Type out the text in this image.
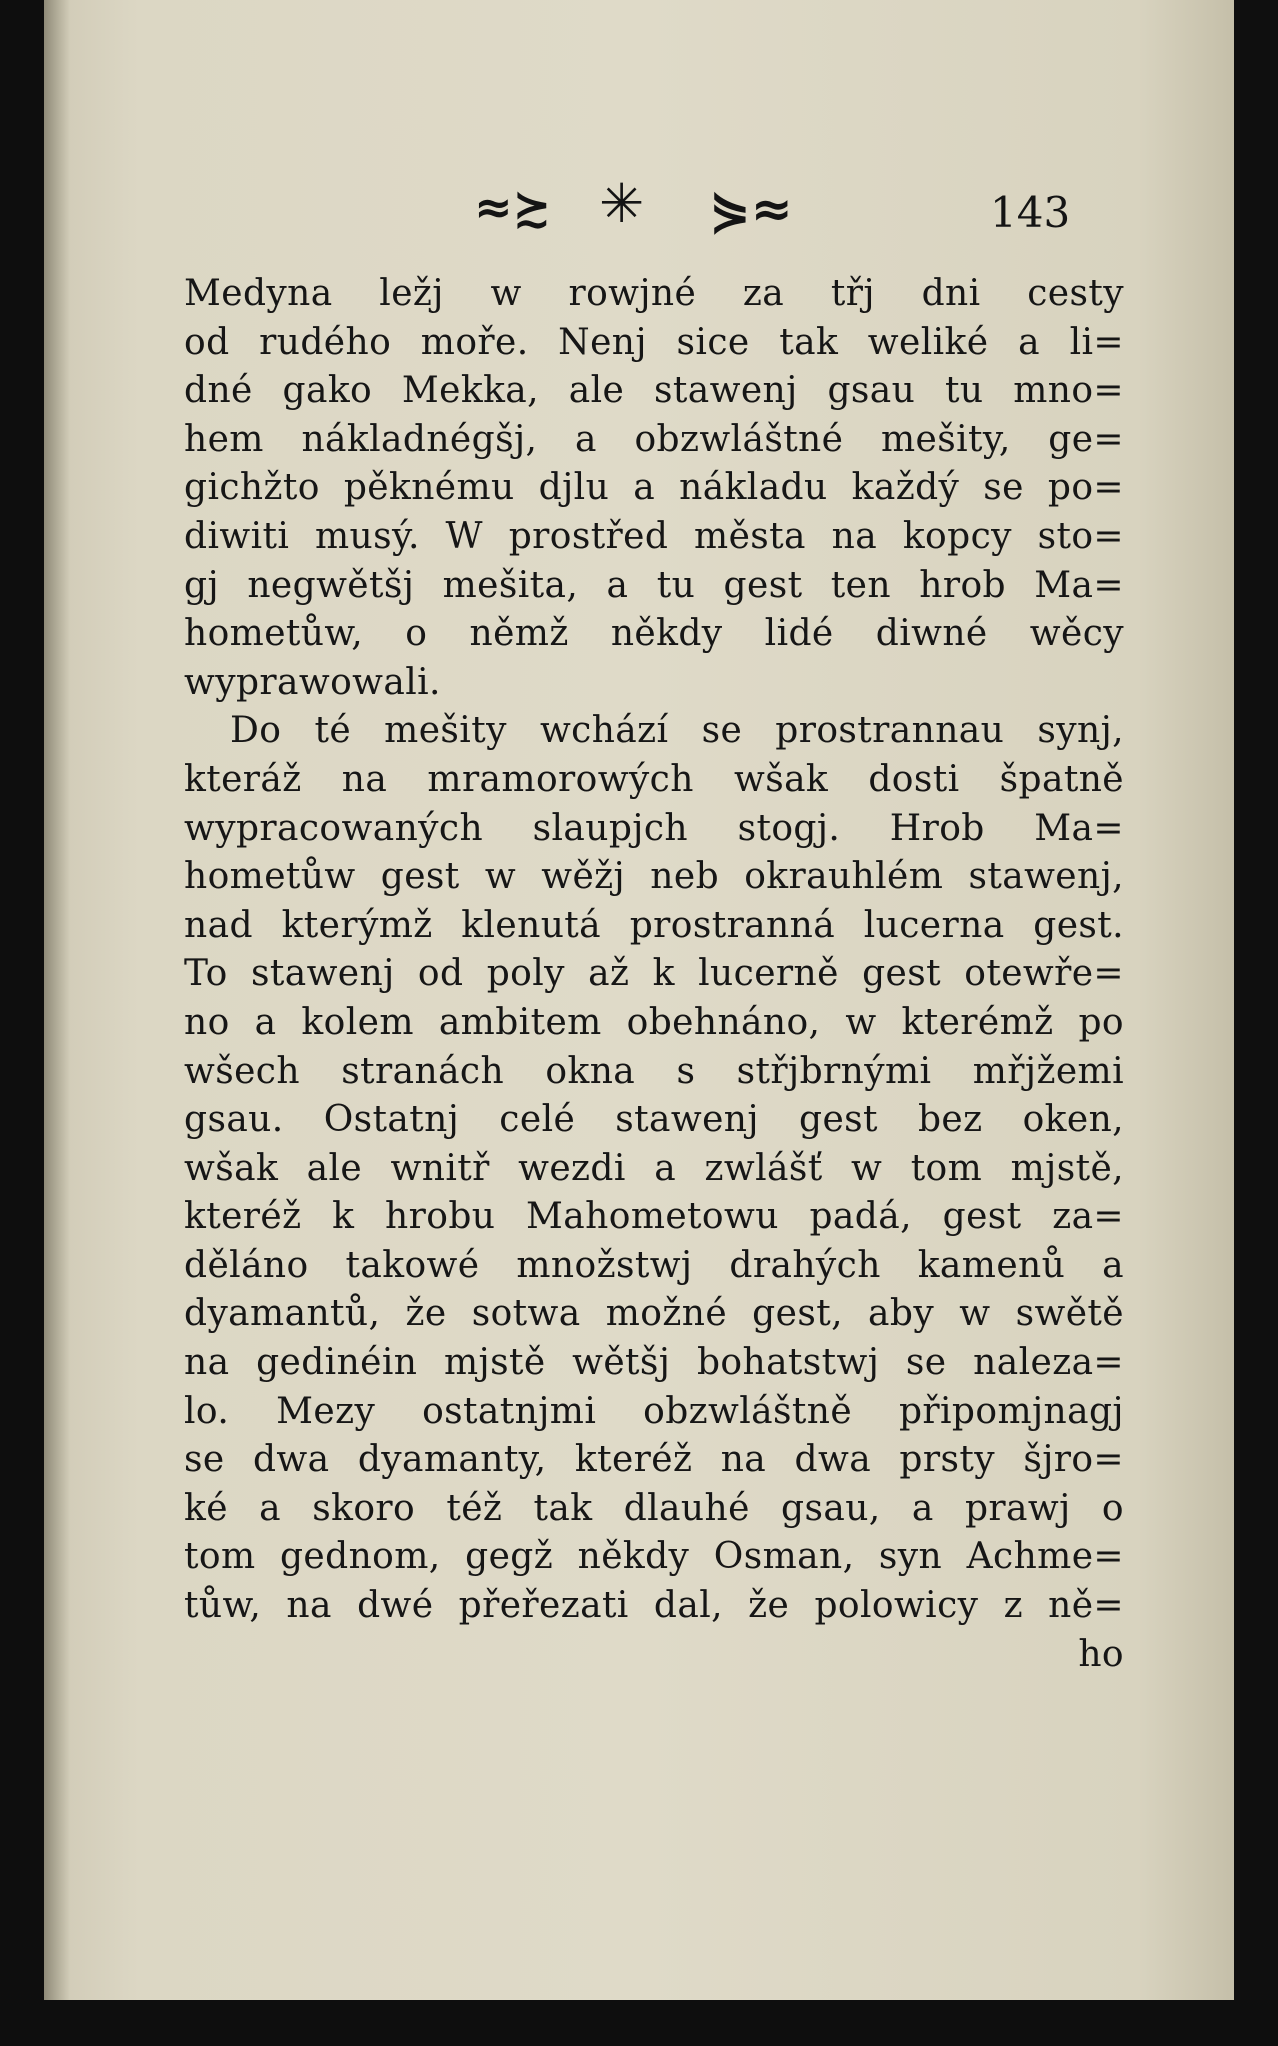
≈≿ ✳ ⋟≈	143
Medyna ležj w rowjné za třj dni cesty
od rudého moře. Nenj sice tak weliké a li=
dné gako Mekka, ale stawenj gsau tu mno=
hem nákladnégšj, a obzwláštné mešity, ge=
gichžto pěknému djlu a nákladu každý se po=
diwiti musý. W prostřed města na kopcy sto=
gj negwětšj mešita, a tu gest ten hrob Ma=
hometůw, o němž někdy lidé diwné wěcy
wyprawowali.
Do té mešity wchází se prostrannau synj,
kteráž na mramorowých wšak dosti špatně
wypracowaných slaupjch stogj. Hrob Ma=
hometůw gest w wěžj neb okrauhlém stawenj,
nad kterýmž klenutá prostranná lucerna gest.
To stawenj od poly až k lucerně gest otewře=
no a kolem ambitem obehnáno, w kterémž po
wšech stranách okna s střjbrnými mřjžemi
gsau. Ostatnj celé stawenj gest bez oken,
wšak ale wnitř wezdi a zwlášť w tom mjstě,
kteréž k hrobu Mahometowu padá, gest za=
děláno takowé množstwj drahých kamenů a
dyamantů, že sotwa možné gest, aby w swětě
na gedinéin mjstě wětšj bohatstwj se naleza=
lo. Mezy ostatnjmi obzwláštně připomjnagj
se dwa dyamanty, kteréž na dwa prsty šjro=
ké a skoro též tak dlauhé gsau, a prawj o
tom gednom, gegž někdy Osman, syn Achme=
tůw, na dwé přeřezati dal, že polowicy z ně=
ho
